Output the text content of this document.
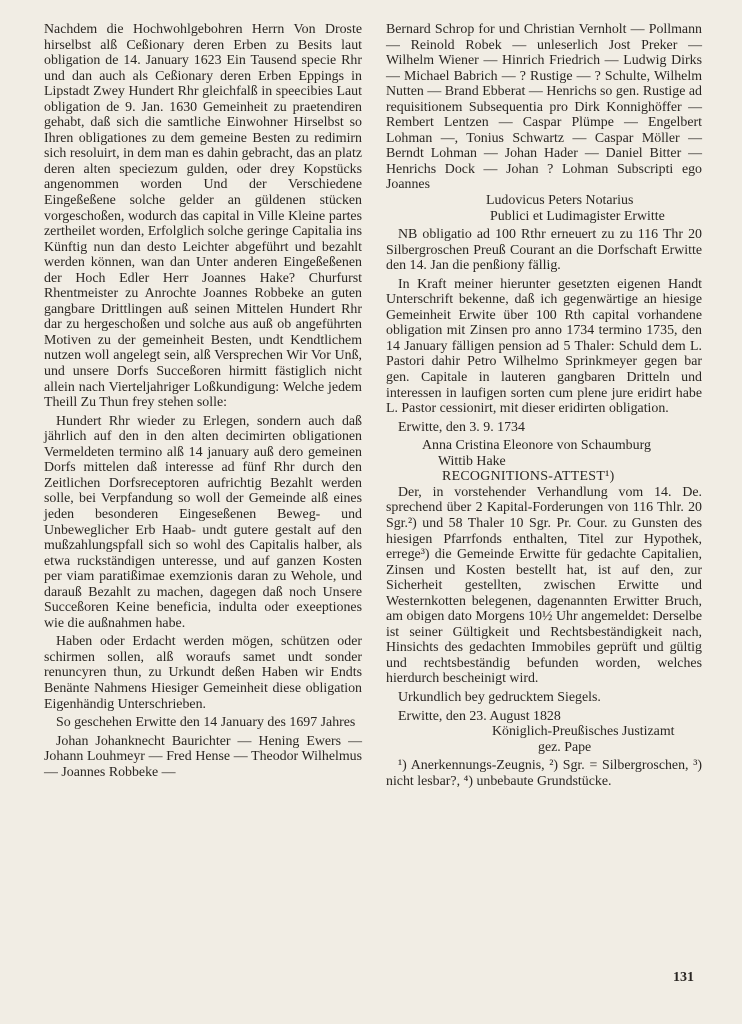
Nachdem die Hochwohlgebohren Herrn Von Droste hirselbst alß Ceßionary deren Erben zu Besits laut obligation de 14. January 1623 Ein Tausend specie Rhr und dan auch als Ceßionary deren Erben Eppings in Lipstadt Zwey Hundert Rhr gleichfalß in speecibies Laut obligation de 9. Jan. 1630 Gemeinheit zu praetendiren gehabt, daß sich die samtliche Einwohner Hirselbst so Ihren obligationes zu dem gemeine Besten zu redimirn sich resoluirt, in dem man es dahin gebracht, das an platz deren alten speciezum gulden, oder drey Kopstücks angenommen worden Und der Verschiedene Eingeßeßene solche gelder an güldenen stücken vorgeschoßen, wodurch das capital in Ville Kleine partes zertheilet worden, Erfolglich solche geringe Capitalia ins Künftig nun dan desto Leichter abgeführt und bezahlt werden können, wan dan Unter anderen Eingeßeßenen der Hoch Edler Herr Joannes Hake? Churfurst Rhentmeister zu Anrochte Joannes Robbeke an guten gangbare Drittlingen auß seinen Mittelen Hundert Rhr dar zu hergeschoßen und solche aus auß ob angeführten Motiven zu der gemeinheit Besten, undt Kendtlichem nutzen woll angelegt sein, alß Versprechen Wir Vor Unß, und unsere Dorfs Succeßoren hirmitt fästiglich nicht allein nach Vierteljahriger Loßkundigung: Welche jedem Theill Zu Thun frey stehen solle:

Hundert Rhr wieder zu Erlegen, sondern auch daß jährlich auf den in den alten decimirten obligationen Vermeldeten termino alß 14 january auß dero gemeinen Dorfs mittelen daß interesse ad fünf Rhr durch den Zeitlichen Dorfsreceptoren aufrichtig Bezahlt werden solle, bei Verpfandung so woll der Gemeinde alß eines jeden besonderen Eingeseßenen Beweg- und Unbeweglicher Erb Haab- undt gutere gestalt auf den mußzahlungspfall sich so wohl des Capitalis halber, als etwa ruckständigen unteresse, und auf ganzen Kosten per viam paratißimae exemzionis daran zu Wehole, und darauß Bezahlt zu machen, dagegen daß noch Unsere Succeßoren Keine beneficia, indulta oder exeeptiones wie die außnahmen habe.

Haben oder Erdacht werden mögen, schützen oder schirmen sollen, alß woraufs samet undt sonder renuncyren thun, zu Urkundt deßen Haben wir Endts Benänte Nahmens Hiesiger Gemeinheit diese obligation Eigenhändig Unterschrieben.

So geschehen Erwitte den 14 January des 1697 Jahres

Johan Johanknecht Baurichter — Hening Ewers — Johann Louhmeyr — Fred Hense — Theodor Wilhelmus — Joannes Robbeke —

Bernard Schrop for und Christian Vernholt — Pollmann — Reinold Robek — unleserlich Jost Preker — Wilhelm Wiener — Hinrich Friedrich — Ludwig Dirks — Michael Babrich — ? Rustige — ? Schulte, Wilhelm Nutten — Brand Ebberat — Henrichs so gen. Rustige ad requisitionem Subsequentia pro Dirk Konnighöffer — Rembert Lentzen — Caspar Plümpe — Engelbert Lohman —, Tonius Schwartz — Caspar Möller — Berndt Lohman — Johan Hader — Daniel Bitter — Henrichs Dock — Johan ? Lohman Subscripti ego Joannes

Ludovicus Peters Notarius

Publici et Ludimagister Erwitte

NB obligatio ad 100 Rthr erneuert zu zu 116 Thr 20 Silbergroschen Preuß Courant an die Dorfschaft Erwitte den 14. Jan die penßiony fällig.

In Kraft meiner hierunter gesetzten eigenen Handt Unterschrift bekenne, daß ich gegenwärtige an hiesige Gemeinheit Erwite über 100 Rth capital vorhandene obligation mit Zinsen pro anno 1734 termino 1735, den 14 January fälligen pension ad 5 Thaler: Schuld dem L. Pastori dahir Petro Wilhelmo Sprinkmeyer gegen bar gen. Capitale in lauteren gangbaren Dritteln und interessen in laufigen sorten cum plene jure eridirt habe L. Pastor cessionirt, mit dieser eridirten obligation.

Erwitte, den 3. 9. 1734

Anna Cristina Eleonore von Schaumburg

Wittib Hake

RECOGNITIONS-ATTEST¹)

Der, in vorstehender Verhandlung vom 14. De. sprechend über 2 Kapital-Forderungen von 116 Thlr. 20 Sgr.²) und 58 Thaler 10 Sgr. Pr. Cour. zu Gunsten des hiesigen Pfarrfonds enthalten, Titel zur Hypothek, errege³) die Gemeinde Erwitte für gedachte Capitalien, Zinsen und Kosten bestellt hat, ist auf den, zur Sicherheit gestellten, zwischen Erwitte und Westernkotten belegenen, dagenannten Erwitter Bruch, am obigen dato Morgens 10½ Uhr angemeldet: Derselbe ist seiner Gültigkeit und Rechtsbeständigkeit nach, Hinsichts des gedachten Immobiles geprüft und gültig und rechtsbeständig befunden worden, welches hierdurch bescheinigt wird.

Urkundlich bey gedrucktem Siegels.

Erwitte, den 23. August 1828

Königlich-Preußisches Justizamt

gez. Pape

¹) Anerkennungs-Zeugnis, ²) Sgr. = Silbergroschen, ³) nicht lesbar?, ⁴) unbebaute Grundstücke.

131
